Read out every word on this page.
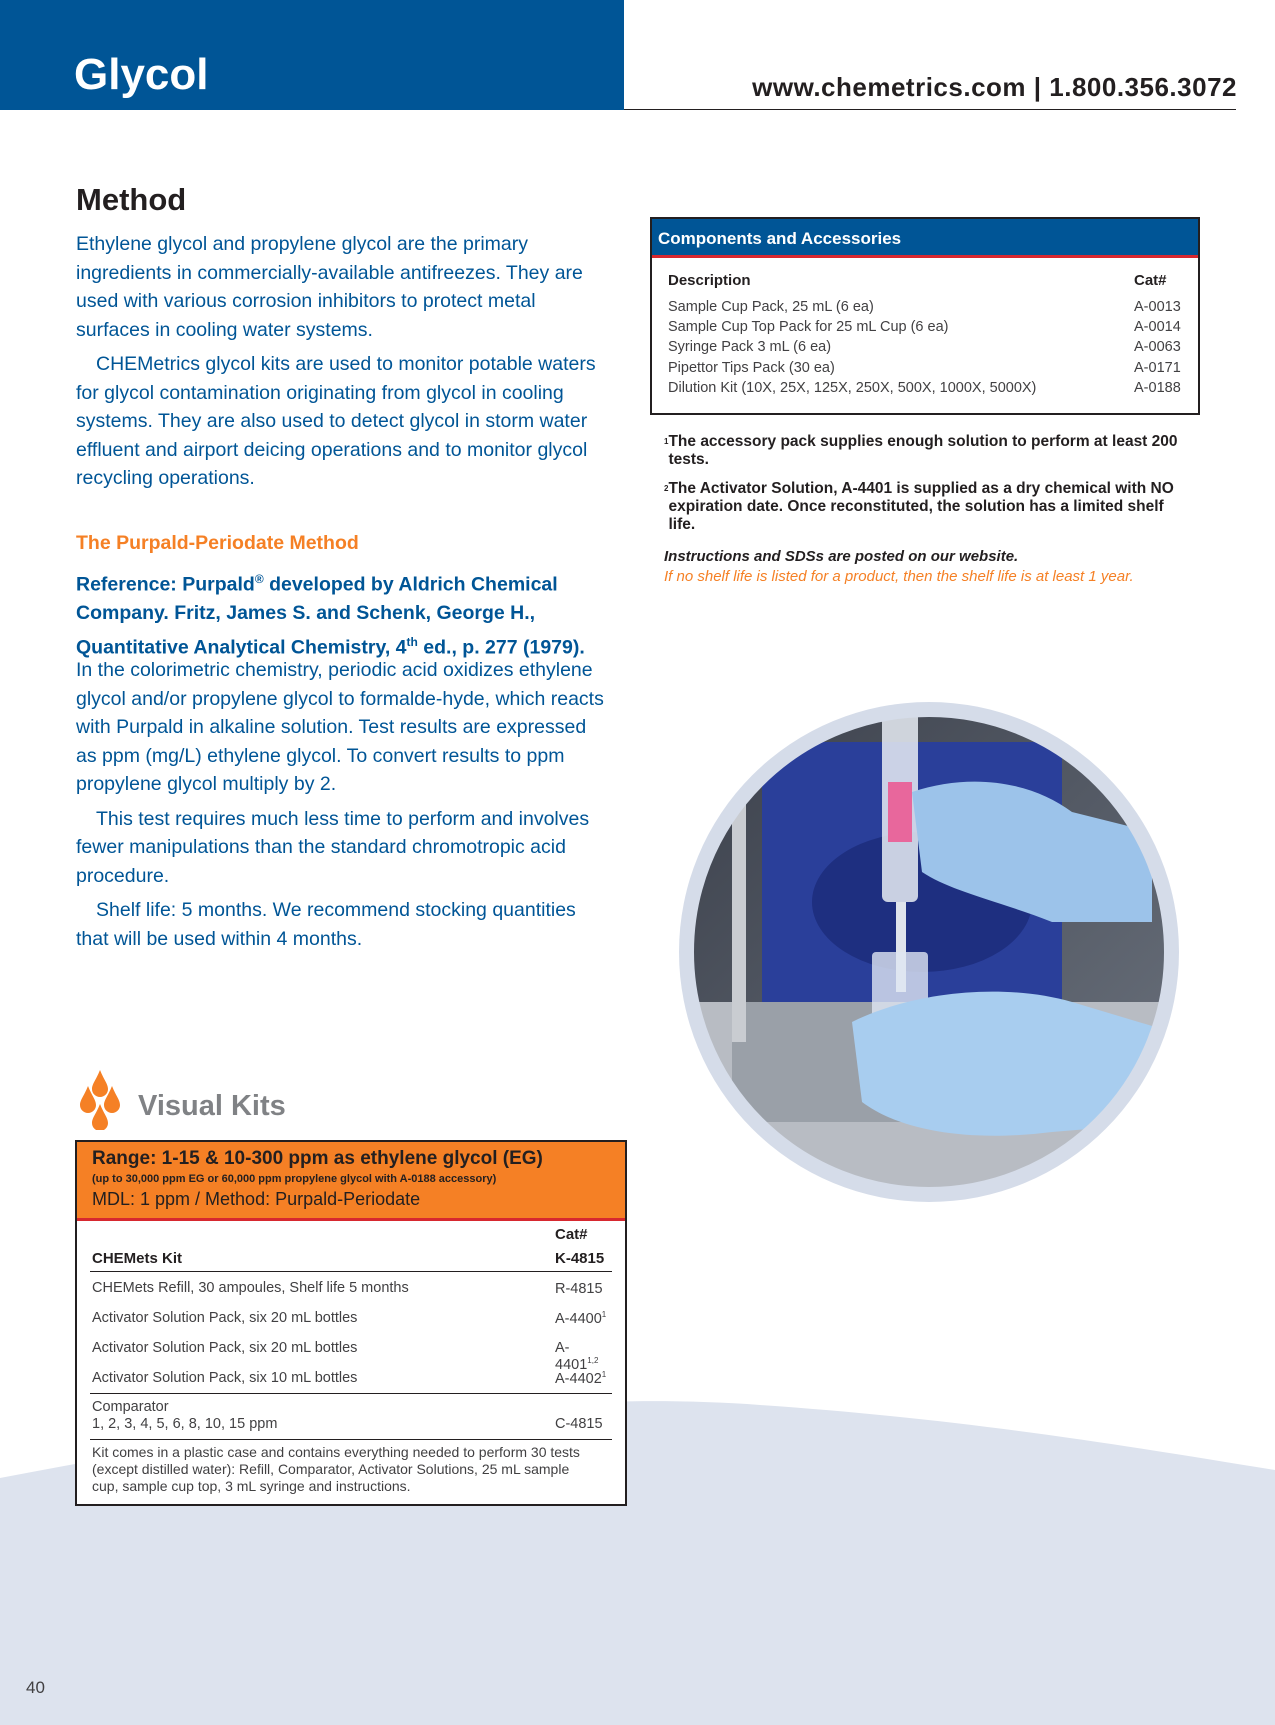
Glycol	www.chemetrics.com | 1.800.356.3072
Method

Ethylene glycol and propylene glycol are the primary ingredients in commercially-available antifreezes. They are used with various corrosion inhibitors to protect metal surfaces in cooling water systems.

CHEMetrics glycol kits are used to monitor potable waters for glycol contamination originating from glycol in cooling systems. They are also used to detect glycol in storm water effluent and airport deicing operations and to monitor glycol recycling operations.

The Purpald-Periodate Method
Reference: Purpald® developed by Aldrich Chemical Company. Fritz, James S. and Schenk, George H., Quantitative Analytical Chemistry, 4th ed., p. 277 (1979).

In the colorimetric chemistry, periodic acid oxidizes ethylene glycol and/or propylene glycol to formalde-hyde, which reacts with Purpald in alkaline solution. Test results are expressed as ppm (mg/L) ethylene glycol. To convert results to ppm propylene glycol multiply by 2.

This test requires much less time to perform and involves fewer manipulations than the standard chromotropic acid procedure.

Shelf life: 5 months. We recommend stocking quantities that will be used within 4 months.

Components and Accessories
Description	Cat#
Sample Cup Pack, 25 mL (6 ea)	A-0013
Sample Cup Top Pack for 25 mL Cup (6 ea)	A-0014
Syringe Pack 3 mL (6 ea)	A-0063
Pipettor Tips Pack (30 ea)	A-0171
Dilution Kit (10X, 25X, 125X, 250X, 500X, 1000X, 5000X)	A-0188
$^1$The accessory pack supplies enough solution to perform at least 200 tests.
$^2$The Activator Solution, A-4401 is supplied as a dry chemical with NO expiration date. Once reconstituted, the solution has a limited shelf life.
Instructions and SDSs are posted on our website.
If no shelf life is listed for a product, then the shelf life is at least 1 year.
Visual Kits
Range: 1-15 & 10-300 ppm as ethylene glycol (EG)
(up to 30,000 ppm EG or 60,000 ppm propylene glycol with A-0188 accessory)
MDL: 1 ppm / Method: Purpald-Periodate
Cat#
CHEMets Kit	K-4815
CHEMets Refill, 30 ampoules, Shelf life 5 months	R-4815
Activator Solution Pack, six 20 mL bottles	A-4400$^1$
Activator Solution Pack, six 20 mL bottles	A-4401$^{1,2}$
Activator Solution Pack, six 10 mL bottles	A-4402$^1$
Comparator
1, 2, 3, 4, 5, 6, 8, 10, 15 ppm	C-4815
Kit comes in a plastic case and contains everything needed to perform 30 tests (except distilled water): Refill, Comparator, Activator Solutions, 25 mL sample cup, sample cup top, 3 mL syringe and instructions.
40
